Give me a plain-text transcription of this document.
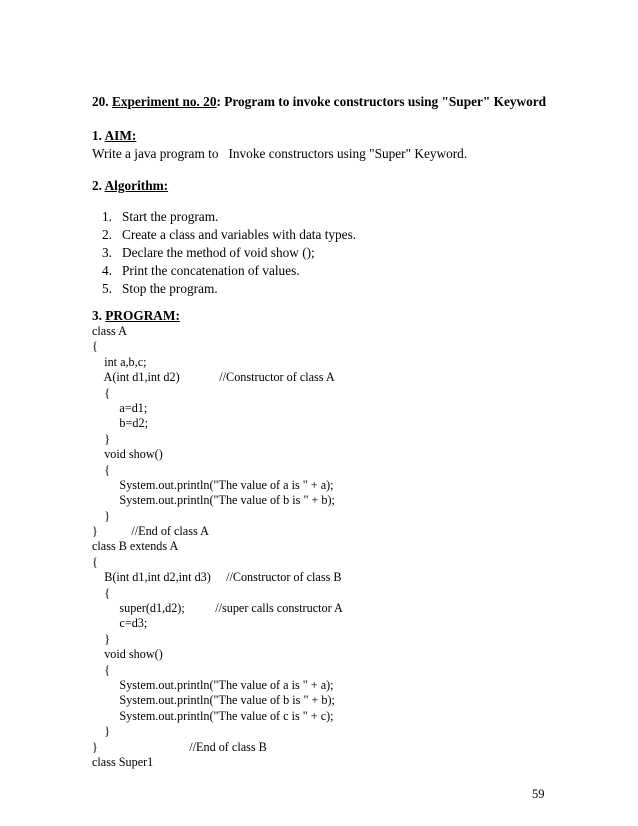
20. Experiment no. 20: Program to invoke constructors using "Super" Keyword
1. AIM:
Write a java program to   Invoke constructors using "Super" Keyword.
2. Algorithm:
1. Start the program.
2. Create a class and variables with data types.
3. Declare the method of void show ();
4. Print the concatenation of values.
5. Stop the program.
3. PROGRAM:
class A
{
int a,b,c;
A(int d1,int d2)             //Constructor of class A
{
a=d1;
b=d2;
}
void show()
{
System.out.println("The value of a is " + a);
System.out.println("The value of b is " + b);
}
}           //End of class A
class B extends A
{
B(int d1,int d2,int d3)     //Constructor of class B
{
super(d1,d2);          //super calls constructor A
c=d3;
}
void show()
{
System.out.println("The value of a is " + a);
System.out.println("The value of b is " + b);
System.out.println("The value of c is " + c);
}
}                              //End of class B
class Super1
59
